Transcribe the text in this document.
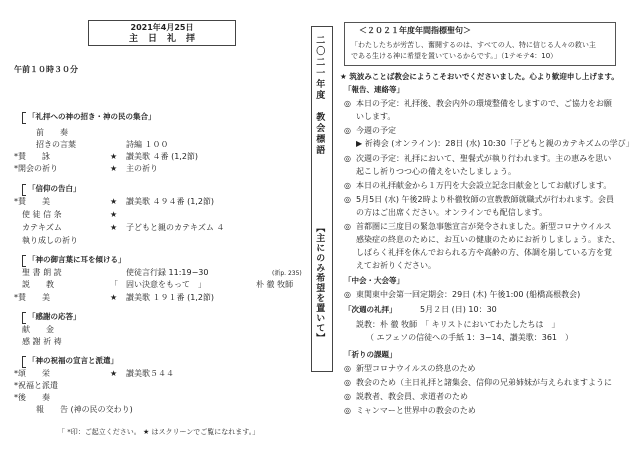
2021年4月25日
主日礼拝
午前１０時３０分
「礼拝への神の招き・神の民の集合」
前　　奏
招きの言葉	詩編 １００
*賛　　詠	★ 讃美歌 ４番 (1,2節)
*開会の祈り	★ 主の祈り
「信仰の告白」
*賛　　美	★ 讃美歌 ４９４番 (1,2節)
使 徒 信 条	★
カテキズム	★ 子どもと親のカテキズム ４
執り成しの祈り
「神の御言葉に耳を傾ける」
聖 書 朗 読	使徒言行録 11:19−30	(新p. 235)
説　　教	「　固い決意をもって　」	朴 徹 牧師
*賛　　美	★ 讃美歌 １９１番 (1,2節)
「感謝の応答」
献　　金
感 謝 祈 祷
「神の祝福の宣言と派遣」
*頌　　栄	★ 讃美歌５４４
*祝福と派遣
*後　　奏
報　　告 (神の民の交わり)
「 *印：ご起立ください。 ★ はスクリーンでご覧になれます。」
二〇二一年度　教会標語
【主にのみ希望を置いて】
＜２０２１年度年間指標聖句＞
「わたしたちが労苦し、奮闘するのは、すべての人、特に信じる人々の救い主
である生ける神に希望を置いているからです。」（1テモテ4：10）
★ 筑波みことば教会にようこそおいでくださいました。心より歓迎申し上げます。
「報告、連絡等」
◎ 本日の予定：礼拝後、教会内外の環境整備をしますので、ご協力をお願
いします。
◎ 今週の予定
▶ 祈祷会 (オンライン)：28日 (水) 10:30「子どもと親のカテキズムの学び」
◎ 次週の予定：礼拝において、聖餐式が執り行われます。主の恵みを思い
起こし祈りつつ心の備えをいたしましょう。
◎ 本日の礼拝献金から１万円を大会設立記念日献金としてお献げします。
◎ 5月5日 (水) 午後2時より朴徹牧師の宣教教師就職式が行われます。会員
の方はご出席ください。オンラインでも配信します。
◎ 首都圏に三度目の緊急事態宣言が発令されました。新型コロナウイルス
感染症の終息のために、お互いの健康のためにお祈りしましょう。また、
しばらく礼拝を休んでおられる方や高齢の方、体調を崩している方を覚
えてお祈りください。
「中会・大会等」
◎ 東関東中会第一回定期会：29日 (木) 午後1:00 (船橋高根教会)
「次週の礼拝」	5月２日 (日) 10：30
説教：朴 徹 牧師　「 キリストにおいてわたしたちは　」
（ エフェソの信徒への手紙 1：3−14、讃美歌：361　）
「祈りの課題」
◎ 新型コロナウイルスの終息のため
◎ 教会のため（主日礼拝と諸集会、信仰の兄弟姉妹が与えられますように
◎ 説教者、教会員、求道者のため
◎ ミャンマーと世界中の教会のため
